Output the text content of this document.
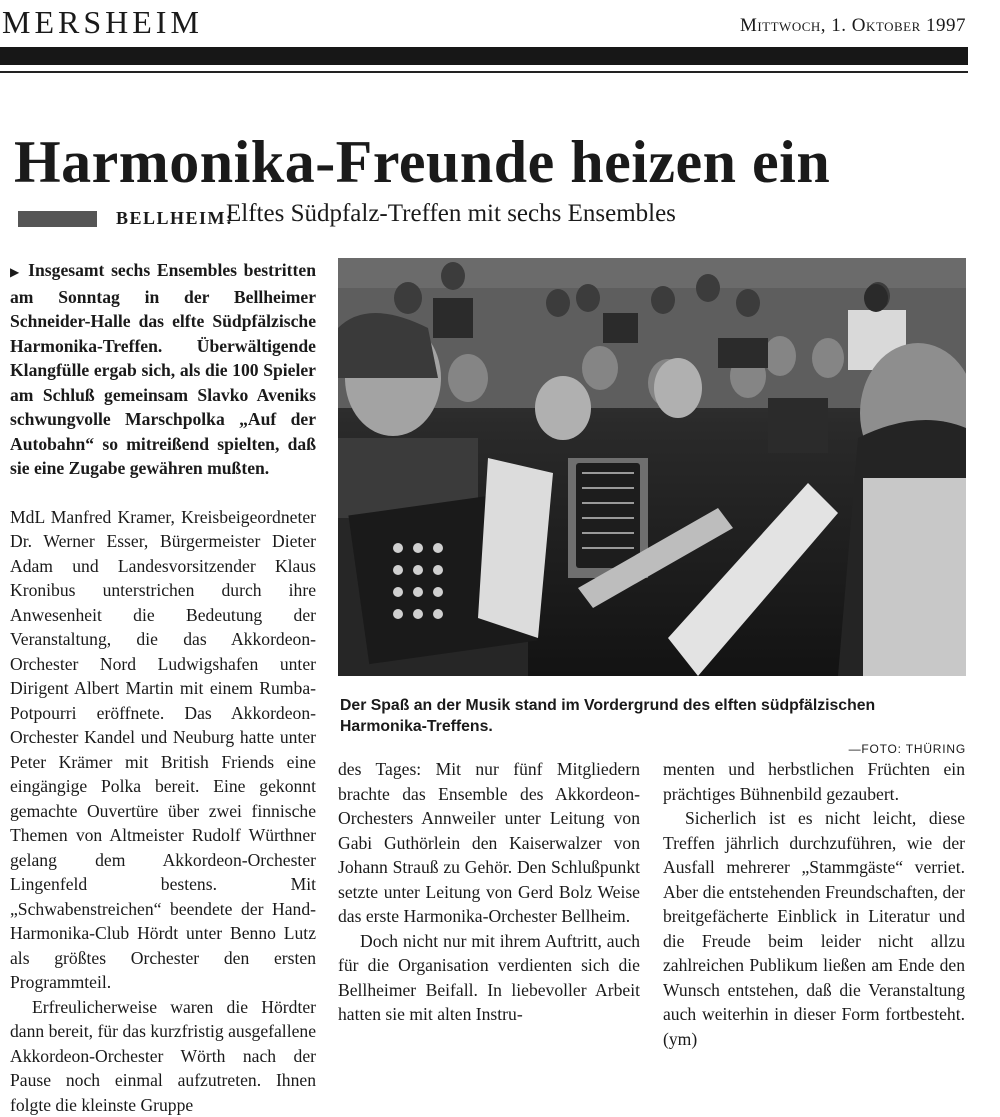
MERSHEIM	Mittwoch, 1. Oktober 1997
Harmonika-Freunde heizen ein
BELLHEIM:
Elftes Südpfalz-Treffen mit sechs Ensembles

▶ Insgesamt sechs Ensembles bestritten am Sonntag in der Bellheimer Schneider-Halle das elfte Südpfälzische Harmonika-Treffen. Überwältigende Klangfülle ergab sich, als die 100 Spieler am Schluß gemeinsam Slavko Aveniks schwungvolle Marschpolka „Auf der Autobahn“ so mitreißend spielten, daß sie eine Zugabe gewähren mußten.

MdL Manfred Kramer, Kreisbeigeordneter Dr. Werner Esser, Bürgermeister Dieter Adam und Landesvorsitzender Klaus Kronibus unterstrichen durch ihre Anwesenheit die Bedeutung der Veranstaltung, die das Akkordeon-Orchester Nord Ludwigshafen unter Dirigent Albert Martin mit einem Rumba-Potpourri eröffnete. Das Akkordeon-Orchester Kandel und Neuburg hatte unter Peter Krämer mit British Friends eine eingängige Polka bereit. Eine gekonnt gemachte Ouvertüre über zwei finnische Themen von Altmeister Rudolf Würthner gelang dem Akkordeon-Orchester Lingenfeld bestens. Mit „Schwabenstreichen“ beendete der Hand-Harmonika-Club Hördt unter Benno Lutz als größtes Orchester den ersten Programmteil.

Erfreulicherweise waren die Hördter dann bereit, für das kurzfristig ausgefallene Akkordeon-Orchester Wörth nach der Pause noch einmal aufzutreten. Ihnen folgte die kleinste Gruppe

Der Spaß an der Musik stand im Vordergrund des elften südpfälzischen Harmonika-Treffens.

—FOTO: THÜRING

des Tages: Mit nur fünf Mitgliedern brachte das Ensemble des Akkordeon-Orchesters Annweiler unter Leitung von Gabi Guthörlein den Kaiserwalzer von Johann Strauß zu Gehör. Den Schlußpunkt setzte unter Leitung von Gerd Bolz Weise das erste Harmonika-Orchester Bellheim.

Doch nicht nur mit ihrem Auftritt, auch für die Organisation verdienten sich die Bellheimer Beifall. In liebevoller Arbeit hatten sie mit alten Instru-

menten und herbstlichen Früchten ein prächtiges Bühnenbild gezaubert.

Sicherlich ist es nicht leicht, diese Treffen jährlich durchzuführen, wie der Ausfall mehrerer „Stammgäste“ verriet. Aber die entstehenden Freundschaften, der breitgefächerte Einblick in Literatur und die Freude beim leider nicht allzu zahlreichen Publikum ließen am Ende den Wunsch entstehen, daß die Veranstaltung auch weiterhin in dieser Form fortbesteht. (ym)
